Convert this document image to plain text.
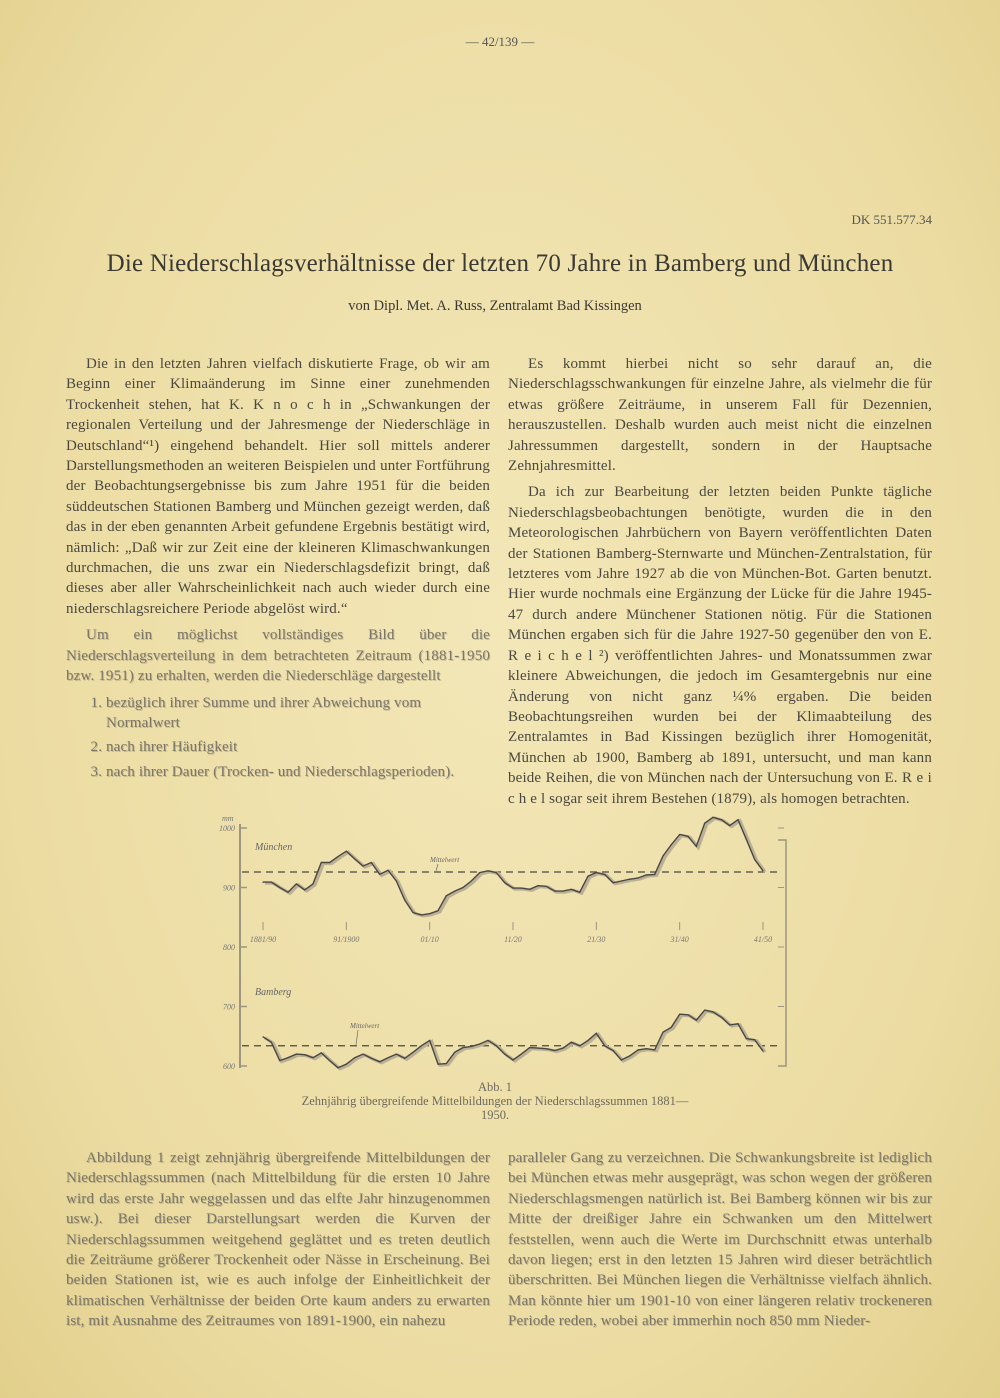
— 42/139 —
DK 551.577.34
Die Niederschlagsverhältnisse der letzten 70 Jahre in Bamberg und München
von Dipl. Met. A. Russ, Zentralamt Bad Kissingen

Die in den letzten Jahren vielfach diskutierte Frage, ob wir am Beginn einer Klimaänderung im Sinne einer zunehmenden Trockenheit stehen, hat K. K n o c h in „Schwankungen der regionalen Verteilung und der Jahresmenge der Niederschläge in Deutschland“¹) eingehend behandelt. Hier soll mittels anderer Darstellungsmethoden an weiteren Beispielen und unter Fortführung der Beobachtungsergebnisse bis zum Jahre 1951 für die beiden süddeutschen Stationen Bamberg und München gezeigt werden, daß das in der eben genannten Arbeit gefundene Ergebnis bestätigt wird, nämlich: „Daß wir zur Zeit eine der kleineren Klimaschwankungen durchmachen, die uns zwar ein Niederschlagsdefizit bringt, daß dieses aber aller Wahrscheinlichkeit nach auch wieder durch eine niederschlagsreichere Periode abgelöst wird.“

Um ein möglichst vollständiges Bild über die Niederschlagsverteilung in dem betrachteten Zeitraum (1881-1950 bzw. 1951) zu erhalten, werden die Niederschläge dargestellt

1. bezüglich ihrer Summe und ihrer Abweichung vom Normalwert
2. nach ihrer Häufigkeit
3. nach ihrer Dauer (Trocken- und Niederschlagsperioden).

Es kommt hierbei nicht so sehr darauf an, die Niederschlagsschwankungen für einzelne Jahre, als vielmehr die für etwas größere Zeiträume, in unserem Fall für Dezennien, herauszustellen. Deshalb wurden auch meist nicht die einzelnen Jahressummen dargestellt, sondern in der Hauptsache Zehnjahresmittel.

Da ich zur Bearbeitung der letzten beiden Punkte tägliche Niederschlagsbeobachtungen benötigte, wurden die in den Meteorologischen Jahrbüchern von Bayern veröffentlichten Daten der Stationen Bamberg-Sternwarte und München-Zentralstation, für letzteres vom Jahre 1927 ab die von München-Bot. Garten benutzt. Hier wurde nochmals eine Ergänzung der Lücke für die Jahre 1945-47 durch andere Münchener Stationen nötig. Für die Stationen München ergaben sich für die Jahre 1927-50 gegenüber den von E. R e i c h e l ²) veröffentlichten Jahres- und Monatssummen zwar kleinere Abweichungen, die jedoch im Gesamtergebnis nur eine Änderung von nicht ganz ¼% ergaben. Die beiden Beobachtungsreihen wurden bei der Klimaabteilung des Zentralamtes in Bad Kissingen bezüglich ihrer Homogenität, München ab 1900, Bamberg ab 1891, untersucht, und man kann beide Reihen, die von München nach der Untersuchung von E. R e i c h e l sogar seit ihrem Bestehen (1879), als homogen betrachten.

mm
1000
900
800
700
600
1881/90	91/1900	01/10	11/20	21/30	31/40	41/50
München
Mittelwert
Bamberg
Mittelwert
Abb. 1
Zehnjährig übergreifende Mittelbildungen der Niederschlagssummen 1881—1950.

Abbildung 1 zeigt zehnjährig übergreifende Mittelbildungen der Niederschlagssummen (nach Mittelbildung für die ersten 10 Jahre wird das erste Jahr weggelassen und das elfte Jahr hinzugenommen usw.). Bei dieser Darstellungsart werden die Kurven der Niederschlagssummen weitgehend geglättet und es treten deutlich die Zeiträume größerer Trockenheit oder Nässe in Erscheinung. Bei beiden Stationen ist, wie es auch infolge der Einheitlichkeit der klimatischen Verhältnisse der beiden Orte kaum anders zu erwarten ist, mit Ausnahme des Zeitraumes von 1891-1900, ein nahezu

paralleler Gang zu verzeichnen. Die Schwankungsbreite ist lediglich bei München etwas mehr ausgeprägt, was schon wegen der größeren Niederschlagsmengen natürlich ist. Bei Bamberg können wir bis zur Mitte der dreißiger Jahre ein Schwanken um den Mittelwert feststellen, wenn auch die Werte im Durchschnitt etwas unterhalb davon liegen; erst in den letzten 15 Jahren wird dieser beträchtlich überschritten. Bei München liegen die Verhältnisse vielfach ähnlich. Man könnte hier um 1901-10 von einer längeren relativ trockeneren Periode reden, wobei aber immerhin noch 850 mm Nieder-
